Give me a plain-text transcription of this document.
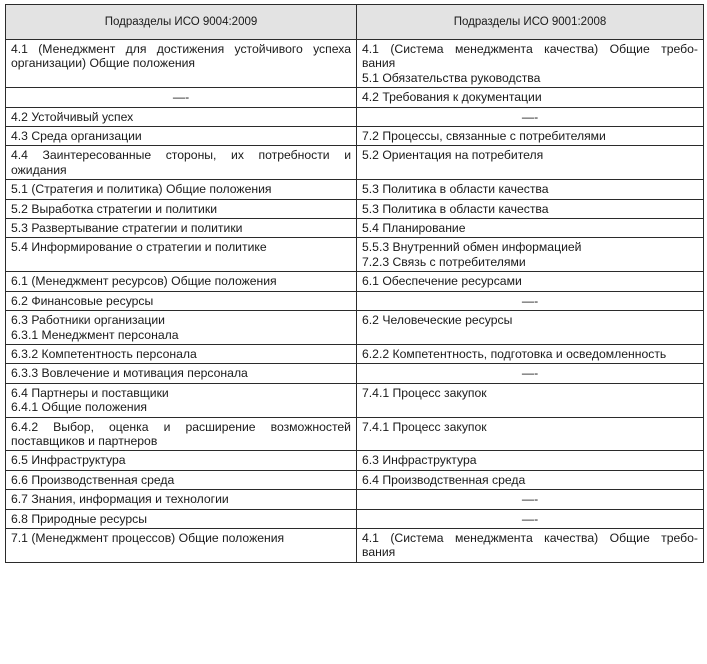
Подразделы ИСО 9004:2009	Подразделы ИСО 9001:2008

4.1 (Менеджмент для достижения устойчивого успеха
организации) Общие положения	4.1 (Система менеджмента качества) Общие требо-
вания
5.1 Обязательства руководства

—-	4.2 Требования к документации

4.2 Устойчивый успех	—-

4.3 Среда организации	7.2 Процессы, связанные с потребителями

4.4 Заинтересованные стороны, их потребности и
ожидания	5.2 Ориентация на потребителя

5.1 (Стратегия и политика) Общие положения	5.3 Политика в области качества

5.2 Выработка стратегии и политики	5.3 Политика в области качества

5.3 Развертывание стратегии и политики	5.4 Планирование

5.4 Информирование о стратегии и политике	5.5.3 Внутренний обмен информацией
7.2.3 Связь с потребителями

6.1 (Менеджмент ресурсов) Общие положения	6.1 Обеспечение ресурсами

6.2 Финансовые ресурсы	—-

6.3 Работники организации
6.3.1 Менеджмент персонала	6.2 Человеческие ресурсы

6.3.2 Компетентность персонала	6.2.2 Компетентность, подготовка и осведомленность

6.3.3 Вовлечение и мотивация персонала	—-

6.4 Партнеры и поставщики
6.4.1 Общие положения	7.4.1 Процесс закупок

6.4.2 Выбор, оценка и расширение возможностей
поставщиков и партнеров	7.4.1 Процесс закупок

6.5 Инфраструктура	6.3 Инфраструктура

6.6 Производственная среда	6.4 Производственная среда

6.7 Знания, информация и технологии	—-

6.8 Природные ресурсы	—-

7.1 (Менеджмент процессов) Общие положения	4.1 (Система менеджмента качества) Общие требо-
вания
